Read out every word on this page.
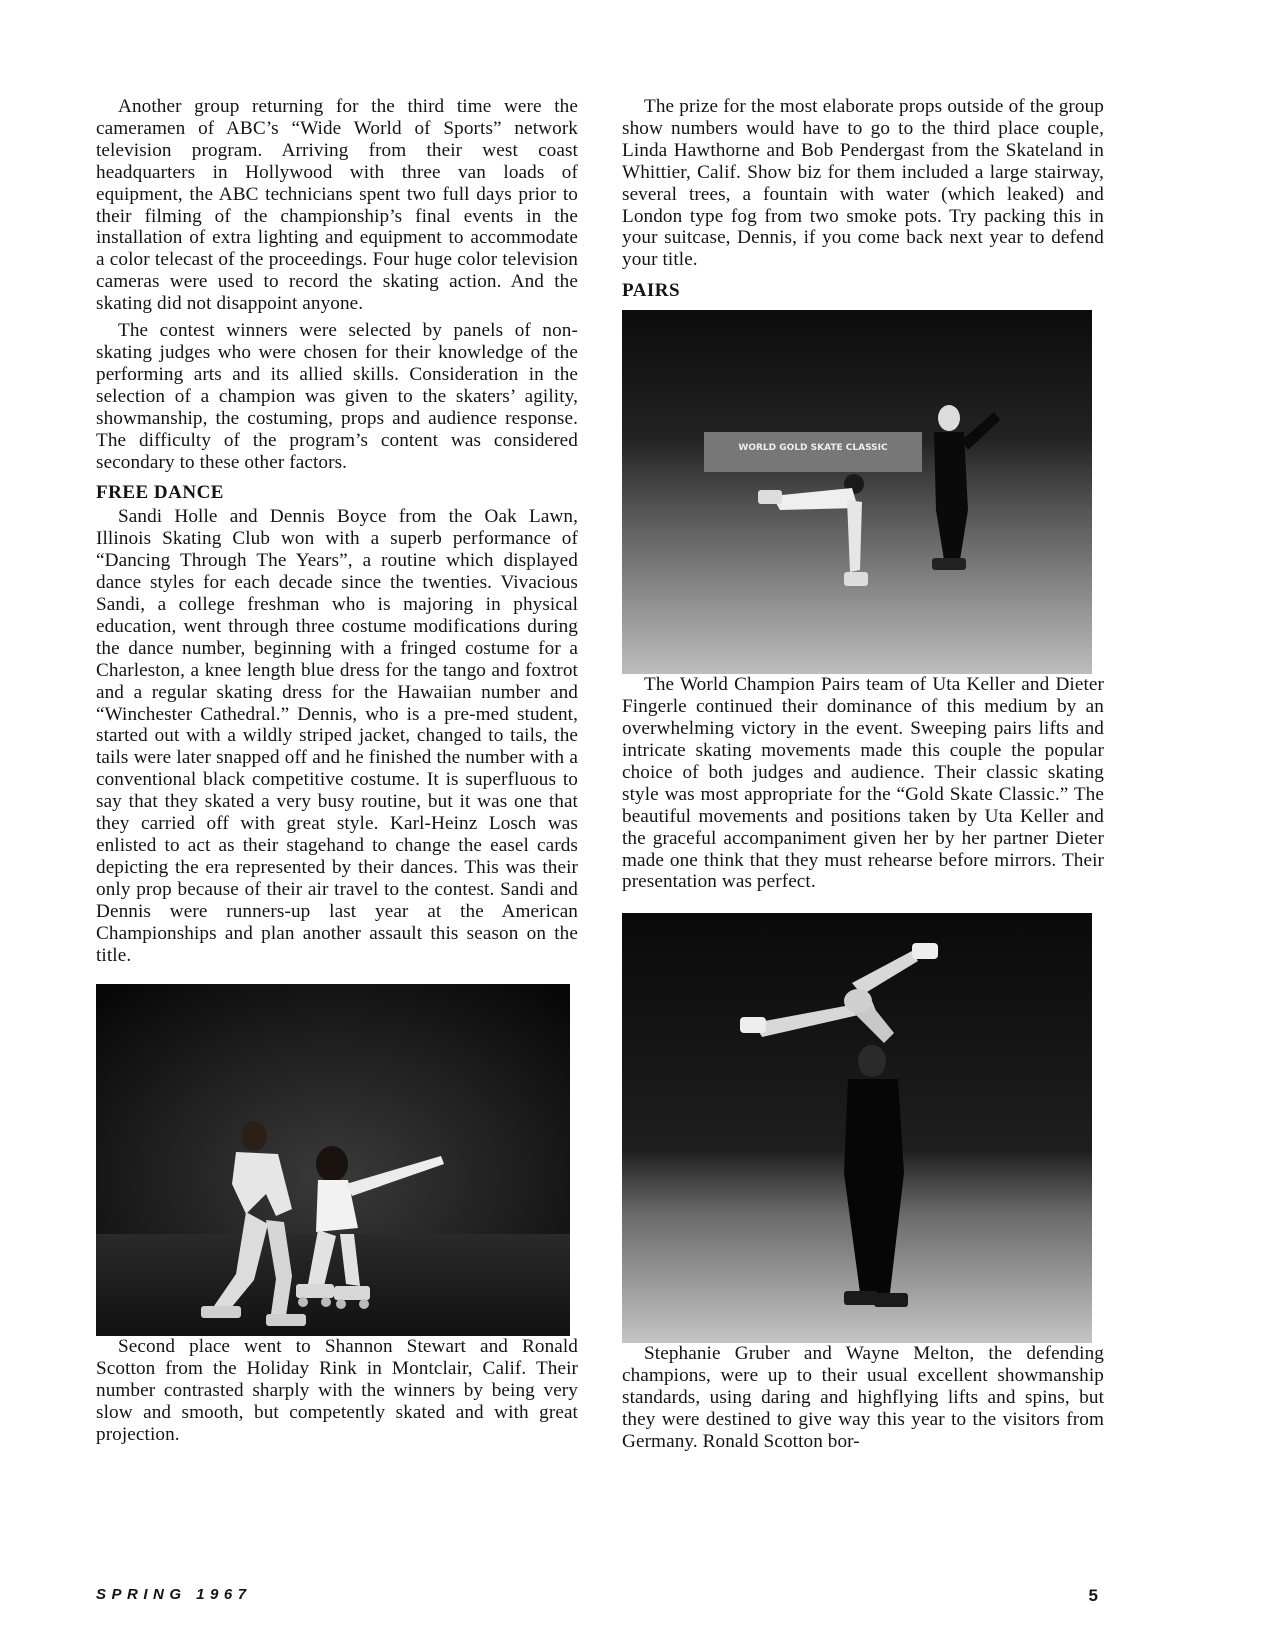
Another group returning for the third time were the cameramen of ABC’s “Wide World of Sports” network television program. Arriving from their west coast headquarters in Hollywood with three van loads of equipment, the ABC technicians spent two full days prior to their filming of the championship’s final events in the installation of extra lighting and equipment to accommodate a color telecast of the proceedings. Four huge color television cameras were used to record the skating action. And the skating did not disappoint anyone.

The contest winners were selected by panels of non-skating judges who were chosen for their knowledge of the performing arts and its allied skills. Consideration in the selection of a champion was given to the skaters’ agility, showmanship, the costuming, props and audience response. The difficulty of the program’s content was considered secondary to these other factors.

FREE DANCE

Sandi Holle and Dennis Boyce from the Oak Lawn, Illinois Skating Club won with a superb performance of “Dancing Through The Years”, a routine which displayed dance styles for each decade since the twenties. Vivacious Sandi, a college freshman who is majoring in physical education, went through three costume modifications during the dance number, beginning with a fringed costume for a Charleston, a knee length blue dress for the tango and foxtrot and a regular skating dress for the Hawaiian number and “Winchester Cathedral.” Dennis, who is a pre-med student, started out with a wildly striped jacket, changed to tails, the tails were later snapped off and he finished the number with a conventional black competitive costume. It is superfluous to say that they skated a very busy routine, but it was one that they carried off with great style. Karl-Heinz Losch was enlisted to act as their stagehand to change the easel cards depicting the era represented by their dances. This was their only prop because of their air travel to the contest. Sandi and Dennis were runners-up last year at the American Championships and plan another assault this season on the title.

Second place went to Shannon Stewart and Ronald Scotton from the Holiday Rink in Montclair, Calif. Their number contrasted sharply with the winners by being very slow and smooth, but competently skated and with great projection.

The prize for the most elaborate props outside of the group show numbers would have to go to the third place couple, Linda Hawthorne and Bob Pendergast from the Skateland in Whittier, Calif. Show biz for them included a large stairway, several trees, a fountain with water (which leaked) and London type fog from two smoke pots. Try packing this in your suitcase, Dennis, if you come back next year to defend your title.

PAIRS
WORLD GOLD SKATE CLASSIC

The World Champion Pairs team of Uta Keller and Dieter Fingerle continued their dominance of this medium by an overwhelming victory in the event. Sweeping pairs lifts and intricate skating movements made this couple the popular choice of both judges and audience. Their classic skating style was most appropriate for the “Gold Skate Classic.” The beautiful movements and positions taken by Uta Keller and the graceful accompaniment given her by her partner Dieter made one think that they must rehearse before mirrors. Their presentation was perfect.

Stephanie Gruber and Wayne Melton, the defending champions, were up to their usual excellent showmanship standards, using daring and highflying lifts and spins, but they were destined to give way this year to the visitors from Germany. Ronald Scotton bor-

SPRING 1967	5
